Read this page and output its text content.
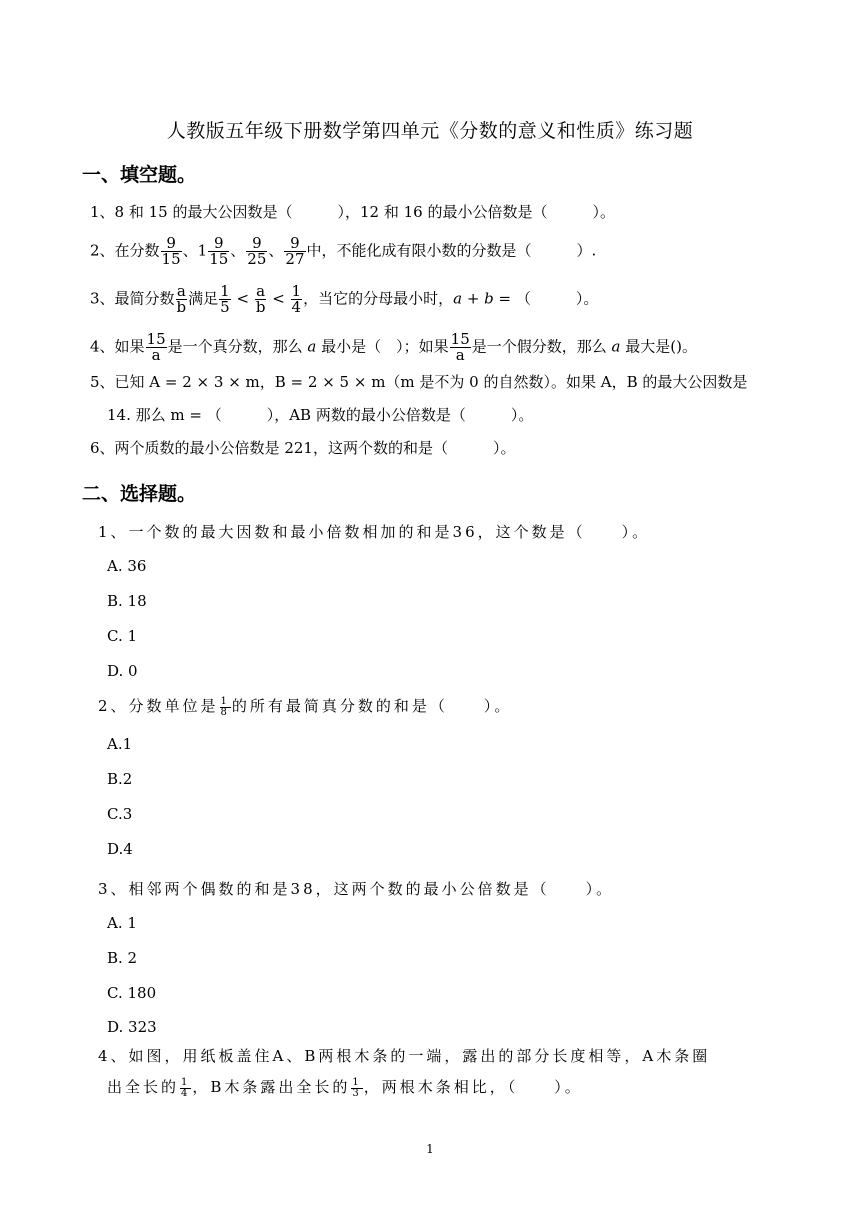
人教版五年级下册数学第四单元《分数的意义和性质》练习题
一、填空题。
1、8 和 15 的最大公因数是（　　　），12 和 16 的最小公倍数是（　　　）。
2、在分数 $\frac{9}{15}$ 、$1 \frac{9}{15}$ 、 $\frac{9}{25}$ 、 $\frac{9}{27}$ 中，不能化成有限小数的分数是（　　　）.
3、最简分数 $\frac{a}{b}$ 满足 $\frac{1}{5} < \frac{a}{b} < \frac{1}{4}$ ，当它的分母最小时，a + b = （　　　）。
4、如果 $\frac{15}{a}$ 是一个真分数，那么 a 最小是（　）；如果 $\frac{15}{a}$ 是一个假分数，那么 a 最大是()。
5、已知 A = 2 × 3 × m，B = 2 × 5 × m（m 是不为 0 的自然数）。如果 A，B 的最大公因数是
14. 那么 m = （　　　），AB 两数的最小公倍数是（　　　）。
6、两个质数的最小公倍数是 221，这两个数的和是（　　　）。
二、选择题。
1、一个数的最大因数和最小倍数相加的和是36，这个数是（　　）。
A. 36
B. 18
C. 1
D. 0
2、分数单位是 $\frac{1}{8}$ 的所有最简真分数的和是（　　）。
A.1
B.2
C.3
D.4
3、相邻两个偶数的和是38，这两个数的最小公倍数是（　　）。
A. 1
B. 2
C. 180
D. 323
4、如图，用纸板盖住A、B两根木条的一端，露出的部分长度相等，A木条圈
出全长的 $\frac{1}{4}$ ，B木条露出全长的 $\frac{1}{3}$ ，两根木条相比，（　　）。
1
